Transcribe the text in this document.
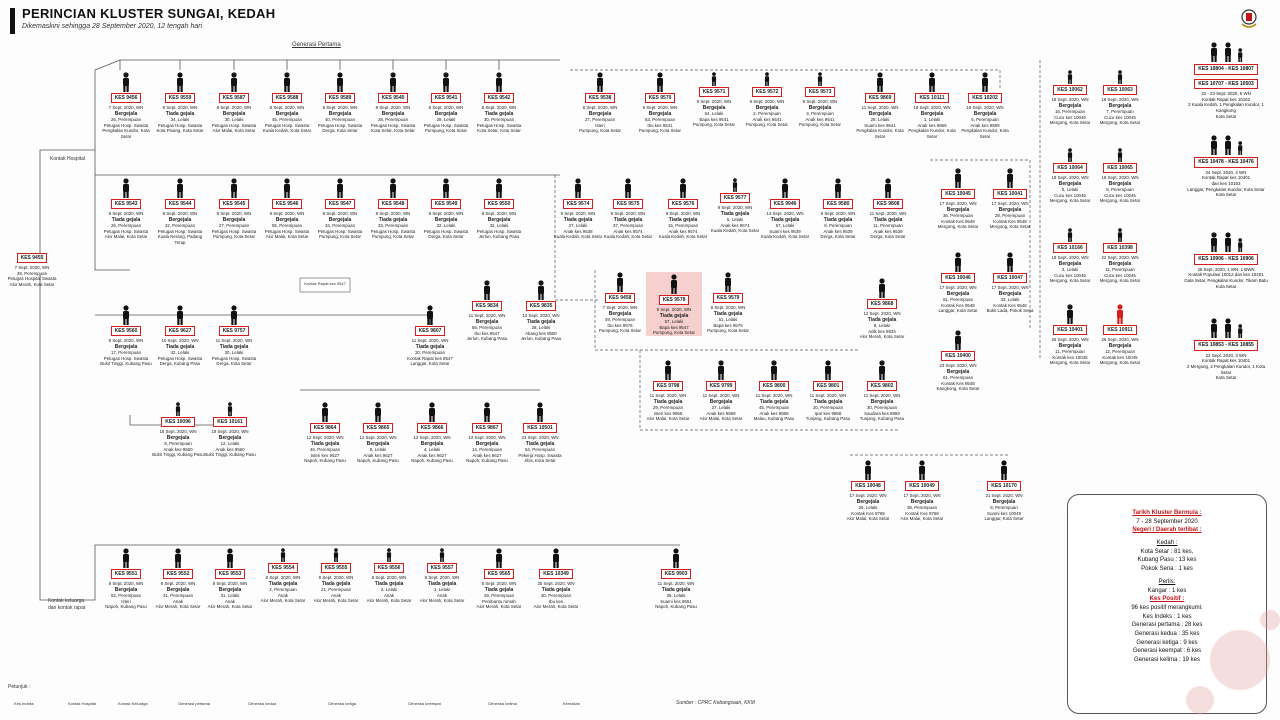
PERINCIAN KLUSTER SUNGAI, KEDAH
Dikemaskini sehingga 28 September 2020, 12 tengah hari
Generasi Pertama
Kontak Hospital
Kontak keluarga dan kontak rapat
Kontak Rapat kes 9547
KES 9455
7 Sept. 2020, WN
28, Perempuan
Petugas Hospital Swasta
Alor Merah, Kota Setar
KES 9456
7 Sept. 2020, WN
Bergejala
26, Perempuan
Petugas Hosp. Swasta
Pengkalan Kundor, Kota Setar
KES 9559
8 Sept. 2020, WN
Tiada gejala
34, Lelaki
Petugas Hosp. Swasta
Kota Pinang, Kota Setar
KES 9587
8 Sept. 2020, WN
Bergejala
30, Lelaki
Petugas Hosp. Swasta
Alor Malai, Kota Setar
KES 9588
8 Sept. 2020, WN
Bergejala
45, Perempuan
Petugas Hosp. Swasta
Kuala Kedah, Kota Setar
KES 9589
8 Sept. 2020, WN
Bergejala
40, Perempuan
Petugas Hosp. Swasta
Derga, Kota Setar
KES 9540
8 Sept. 2020, WN
Bergejala
28, Perempuan
Petugas Hosp. Swasta
Kota Setar, Kota Setar
KES 9541
8 Sept. 2020, WN
Bergejala
28, Lelaki
Petugas Hosp. Swasta
Pumpung, Kota Setar
KES 9542
8 Sept. 2020, WN
Tiada gejala
30, Perempuan
Petugas Hosp. Swasta
Kota Setar, Kota Setar
KES 9538
8 Sept. 2020, WN
Bergejala
27, Perempuan
Isteri
Pumpung, Kota Setar
KES 9570
9 Sept. 2020, WN
Bergejala
63, Perempuan
Ibu kes 9541
Pumpung, Kota Setar
KES 9571
9 Sept. 2020, WN
Bergejala
64, Lelaki
Bapa kes 9541
Pumpung, Kota Setar
KES 9572
9 Sept. 2020, WN
Bergejala
2, Perempuan
Anak kes 9541
Pumpung, Kota Setar
KES 9573
9 Sept. 2020, WN
Bergejala
3, Perempuan
Anak kes 9541
Pumpung, Kota Setar
KES 9869
11 Sept. 2020, WN
Bergejala
28, Lelaki
Suami kes 9541
Pengkalan Kundor, Kota Setar
KES 10111
19 Sept. 2020, WN
Bergejala
1, Lelaki
Anak kes 9869
Pengkalan Kundor, Kota Setar
KES 10202
19 Sept. 2020, WN
Bergejala
5, Perempuan
Anak kes 9869
Pengkalan Kundor, Kota Setar
KES 9543
8 Sept. 2020, WN
Tiada gejala
26, Perempuan
Petugas Hosp. Swasta
Alor Malai, Kota Setar
KES 9544
8 Sept. 2020, WN
Bergejala
22, Perempuan
Petugas Hosp. Swasta
Kuala Nerang, Padang Terap
KES 9545
8 Sept. 2020, WN
Bergejala
27, Perempuan
Petugas Hosp. Swasta
Pumpung, Kota Setar
KES 9546
8 Sept. 2020, WN
Bergejala
55, Perempuan
Petugas Hosp. Swasta
Alor Malai, Kota Setar
KES 9547
8 Sept. 2020, WN
Bergejala
34, Perempuan
Petugas Hosp. Swasta
Pumpung, Kota Setar
KES 9548
8 Sept. 2020, WN
Tiada gejala
33, Perempuan
Petugas Hosp. Swasta
Pumpung, Kota Setar
KES 9549
8 Sept. 2020, WN
Bergejala
32, Lelaki
Petugas Hosp. Swasta
Derga, Kota Setar
KES 9550
8 Sept. 2020, WN
Bergejala
32, Lelaki
Petugas Hosp. Swasta
Jerlun, Kubang Pasu
KES 9574
9 Sept. 2020, WN
Tiada gejala
27, Lelaki
Anak kes 9538
Kuala Kedah, Kota Setar
KES 9575
9 Sept. 2020, WN
Tiada gejala
37, Perempuan
Anak kes 9574
Kuala Kedah, Kota Setar
KES 9576
9 Sept. 2020, WN
Tiada gejala
15, Perempuan
Anak kes 9574
Kuala Kedah, Kota Setar
KES 9577
9 Sept. 2020, WN
Tiada gejala
5, Lelaki
Anak kes 9574
Kuala Kedah, Kota Setar
KES 9946
14 Sept. 2020, WN
Tiada gejala
57, Lelaki
Suami kes 9539
Kuala Kedah, Kota Setar
KES 9580
9 Sept. 2020, WN
Tiada gejala
8, Perempuan
Anak kes 9539
Derga, Kota Setar
KES 9808
11 Sept. 2020, WN
Tiada gejala
11, Perempuan
Anak kes 9539
Derga, Kota Setar
KES 9458
7 Sept. 2020, WN
Bergejala
49, Perempuan
Ibu kes 9576
Pumpung, Kota Setar
KES 9578
9 Sept. 2020, WN
Tiada gejala
57, Lelaki
Bapa kes 9547
Pumpung, Kota Setar
KES 9579
9 Sept. 2020, WN
Tiada gejala
51, Lelaki
Bapa kes 9576
Pumpung, Kota Setar
KES 9834
11 Sept. 2020, WN
Bergejala
65, Perempuan
Ibu kes 9547
Jerlun, Kubang Pasu
KES 9835
13 Sept. 2020, WN
Tiada gejala
28, Lelaki
Abang kes 9550
Jerlun, Kubang Pasu
KES 9868
12 Sept. 2020, WN
Tiada gejala
8, Lelaki
Adik kes 9834
Alor Merah, Kota Setar
KES 9560
8 Sept. 2020, WN
Bergejala
17, Perempuan
Petugas Hosp. Swasta
Bukit Tinggi, Kubang Pasu
KES 9627
10 Sept. 2020, WN
Tiada gejala
42, Lelaki
Petugas Hosp. Swasta
Derga, Kubang Pasu
KES 9757
11 Sept. 2020, WN
Tiada gejala
30, Lelaki
Petugas Hosp. Swasta
Derga, Kota Setar
KES 9807
11 Sept. 2020, WN
Tiada gejala
20, Perempuan
Kontak Rapat kes 9547
Langgar, Kota Setar
KES 9798
11 Sept. 2020, WN
Tiada gejala
29, Perempuan
Isteri kes 9868
Alor Malai, Kota Setar
KES 9799
11 Sept. 2020, WN
Bergejala
27, Lelaki
Anak kes 9868
Alor Malai, Kota Setar
KES 9800
11 Sept. 2020, WN
Tiada gejala
45, Perempuan
Anak kes 9868
Malau, Kubang Pasu
KES 9801
11 Sept. 2020, WN
Tiada gejala
20, Perempuan
Ipar kes 9868
Tunjang, Kubang Pasu
KES 9802
11 Sept. 2020, WN
Bergejala
30, Perempuan
Saudara kes 9868
Tunjang, Kubang Pasu
KES 10096
18 Sept. 2020, WN
Bergejala
8, Perempuan
Anak kes 9560
Bukit Tinggi, Kubang Pasu
KES 10161
19 Sept. 2020, WN
Bergejala
12, Lelaki
Anak kes 9560
Bukit Tinggi, Kubang Pasu
KES 9864
12 Sept. 2020, WN
Tiada gejala
46, Perempuan
Isteri kes 9627
Napoh, Kubang Pasu
KES 9865
12 Sept. 2020, WN
Bergejala
8, Lelaki
Anak kes 9627
Napoh, Kubang Pasu
KES 9866
12 Sept. 2020, WN
Bergejala
4, Lelaki
Anak kes 9627
Napoh, Kubang Pasu
KES 9867
12 Sept. 2020, WN
Bergejala
14, Perempuan
Anak kes 9627
Napoh, Kubang Pasu
KES 10501
23 Sept. 2020, WN
Tiada gejala
54, Perempuan
Pekerja Hosp. Swasta
Jitra, Kota Setar
KES 9551
8 Sept. 2020, WN
Bergejala
52, Perempuan
Isteri
Napoh, Kubang Pasu
KES 9552
8 Sept. 2020, WN
Bergejala
31, Perempuan
Anak
Alor Merah, Kota Setar
KES 9553
8 Sept. 2020, WN
Bergejala
31, Lelaki
Anak
Alor Merah, Kota Setar
KES 9554
8 Sept. 2020, WN
Tiada gejala
2, Perempuan
Anak
Alor Merah, Kota Setar
KES 9555
8 Sept. 2020, WN
Tiada gejala
21, Perempuan
Anak
Alor Merah, Kota Setar
KES 9556
8 Sept. 2020, WN
Tiada gejala
2, Lelaki
Anak
Alor Merah, Kota Setar
KES 9557
8 Sept. 2020, WN
Tiada gejala
1, Lelaki
Anak
Alor Merah, Kota Setar
KES 9565
8 Sept. 2020, WN
Tiada gejala
29, Perempuan
Pembantu rumah
Alor Merah, Kota Setar
KES 10349
25 Sept. 2020, WN
Tiada gejala
30, Perempuan
Ibu kes
Alor Merah, Kota Setar
KES 9903
11 Sept. 2020, WN
Tiada gejala
35, Lelaki
Suami kes 9551
Napoh, Kubang Pasu
KES 10045
17 Sept. 2020, WN
Bergejala
36, Perempuan
Kontak Kes 9548
Mergong, Kota Setar
KES 10041
17 Sept. 2020, WN
Bergejala
28, Perempuan
Kontak Kes 9548
Mergong, Kota Setar
KES 10046
17 Sept. 2020, WN
Bergejala
61, Perempuan
Kontak Kes 9548
Langgar, Kota Setar
KES 10047
17 Sept. 2020, WN
Bergejala
33, Lelaki
Kontak Kes 9548
Bukit Lada, Pokok Sena
KES 10400
23 Sept. 2020, WN
Bergejala
61, Perempuan
Kontak Kes 9548
Kangkong, Kota Setar
KES 10048
17 Sept. 2020, WN
Bergejala
25, Lelaki
Kontak Kes 9768
Alor Malai, Kota Setar
KES 10049
17 Sept. 2020, WN
Bergejala
38, Perempuan
Kontak Kes 9768
Alor Malai, Kota Setar
KES 10170
21 Sept. 2020, WN
Bergejala
8, Perempuan
Suami kes 10049
Langgar, Kota Setar
KES 10062
18 Sept. 2020, WN
Bergejala
16, Perempuan
Cucu kes 10045
Mergong, Kota Setar
KES 10063
18 Sept. 2020, WN
Bergejala
7, Perempuan
Cucu kes 10045
Mergong, Kota Setar
KES 10064
18 Sept. 2020, WN
Bergejala
5, Lelaki
Cucu kes 10045
Mergong, Kota Setar
KES 10065
18 Sept. 2020, WN
Bergejala
8, Perempuan
Cucu kes 10045
Mergong, Kota Setar
KES 10166
18 Sept. 2020, WN
Bergejala
3, Lelaki
Cucu kes 10045
Mergong, Kota Setar
KES 10398
22 Sept. 2020, WN
Bergejala
11, Perempuan
Cucu kes 10045
Mergong, Kota Setar
KES 10401
25 Sept. 2020, WN
Bergejala
11, Perempuan
Kontak kes 10045
Mergong, Kota Setar
KES 10911
26 Sept. 2020, WN
Bergejala
12, Perempuan
Kontak kes 10045
Mergong, Kota Setar
KES 10804 - KES 10807
KES 10707 - KES 10503
22 - 23 Sept. 2020, 5 WN
Kontak Rapat kes 10162
2 Kuala Kedah, 1 Pengkalan Kundor, 1 Kangkong
Kota Setar
KES 10478 - KES 10476

24 Sept. 2020, 4 WN
Kontak Rapat kes 10401
dan kes 10163
Langgar, Pengkalan Kundor, Kota Setar
Kota Setar
KES 10906 - KES 10906

25 Sept. 2020, 1 WN, 1 BWN
Kontak Populasi 10012 dan kes 10401
Gala Setar, Pengkalan Kundor, Tikam Batu
Kota Setar
KES 10853 - KES 10855

22 Sept. 2020, 3 WN
Kontak Rapat kes 10401
2 Mergong, 2 Pengkalan Kundor, 1 Kota Setar
Kota Setar
Tarikh Kluster Bermula :
7 - 28 September 2020
Negeri / Daerah terlibat :
Kedah :
Kota Setar : 81 kes,
Kubang Pasu : 13 kes
Pokok Sena : 1 kes
Perlis:
Kangar : 1 kes
Kes Positif :
96 kes positif merangkumi:
Kes Indeks : 1 kes
Generasi pertama : 28 kes
Generasi kedua : 35 kes
Generasi ketiga : 9 kes
Generasi keempat : 6 kes
Generasi kelima : 19 kes
Petunjuk :
Kes Indeks	Kontak Hospital	Kontak Keluarga	Generasi pertama	Generasi kedua	Generasi ketiga	Generasi keempat	Generasi kelima	Kematian	Sumber : CPRC Kebangsaan, KKM
